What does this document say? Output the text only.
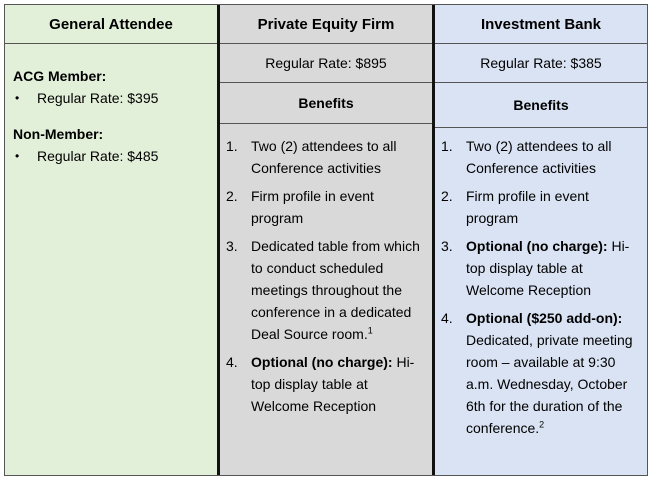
General Attendee

ACG Member:

• Regular Rate: $395

Non-Member:

• Regular Rate: $485

Private Equity Firm
Regular Rate: $895
Benefits
1. Two (2) attendees to all Conference activities
2. Firm profile in event program
3. Dedicated table from which to conduct scheduled meetings throughout the conference in a dedicated Deal Source room.$^1$
4. Optional (no charge): Hi-top display table at Welcome Reception
Investment Bank
Regular Rate: $385
Benefits
1. Two (2) attendees to all Conference activities
2. Firm profile in event program
3. Optional (no charge): Hi-top display table at Welcome Reception
4. Optional ($250 add-on): Dedicated, private meeting room – available at 9:30 a.m. Wednesday, October 6th for the duration of the conference.$^2$
